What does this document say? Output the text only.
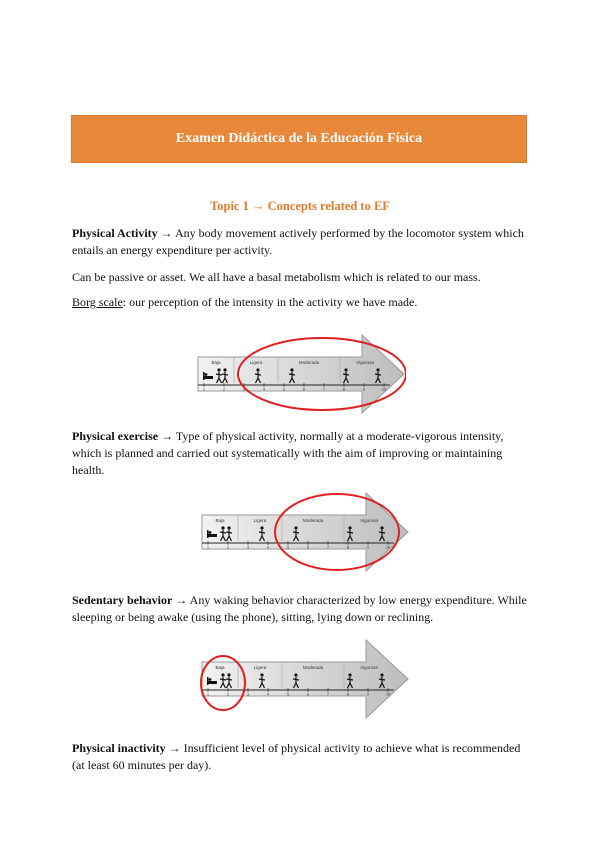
Examen Didáctica de la Educación Física
Topic 1 → Concepts related to EF
Physical Activity → Any body movement actively performed by the locomotor system which entails an energy expenditure per activity.
Can be passive or asset. We all have a basal metabolism which is related to our mass.
Borg scale: our perception of the intensity in the activity we have made.
Baja	Ligera	Moderada	Vigorosa
1	2	3	4	5	6	7	8	9	10
Physical exercise → Type of physical activity, normally at a moderate-vigorous intensity, which is planned and carried out systematically with the aim of improving or maintaining health.
Baja	Ligera	Moderada	Vigorosa
1	2	3	4	5	6	7	8	9	10
Sedentary behavior → Any waking behavior characterized by low energy expenditure. While sleeping or being awake (using the phone), sitting, lying down or reclining.
Baja	Ligera	Moderada	Vigorosa
1	2	3	4	5	6	7	8	9	10
Physical inactivity → Insufficient level of physical activity to achieve what is recommended (at least 60 minutes per day).
